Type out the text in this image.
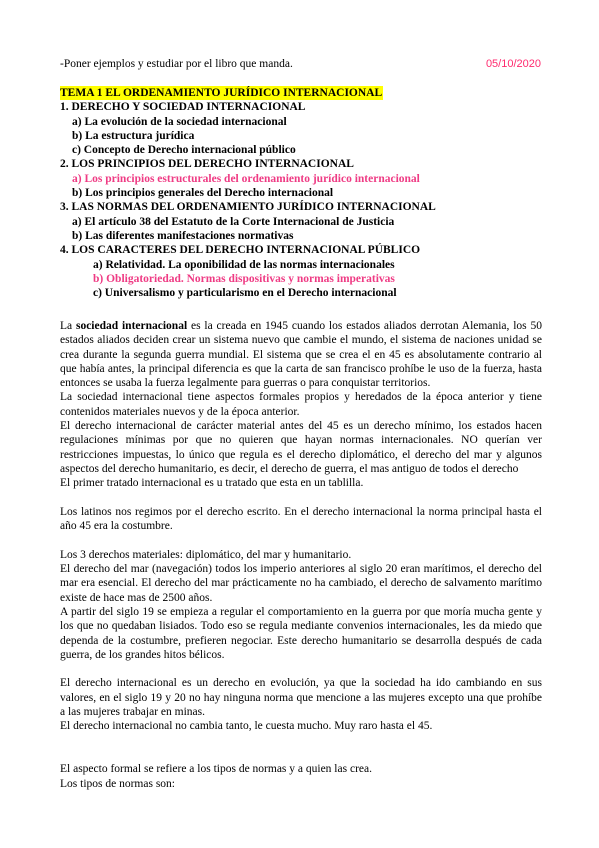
-Poner ejemplos y estudiar por el libro que manda.	05/10/2020
TEMA 1 EL ORDENAMIENTO JURÍDICO INTERNACIONAL
1. DERECHO Y SOCIEDAD INTERNACIONAL
a) La evolución de la sociedad internacional
b) La estructura jurídica
c) Concepto de Derecho internacional público
2. LOS PRINCIPIOS DEL DERECHO INTERNACIONAL
a) Los principios estructurales del ordenamiento jurídico internacional
b) Los principios generales del Derecho internacional
3. LAS NORMAS DEL ORDENAMIENTO JURÍDICO INTERNACIONAL
a) El artículo 38 del Estatuto de la Corte Internacional de Justicia
b) Las diferentes manifestaciones normativas
4. LOS CARACTERES DEL DERECHO INTERNACIONAL PÚBLICO
a) Relatividad. La oponibilidad de las normas internacionales
b) Obligatoriedad. Normas dispositivas y normas imperativas
c) Universalismo y particularismo en el Derecho internacional

La sociedad internacional es la creada en 1945 cuando los estados aliados derrotan Alemania, los 50 estados aliados deciden crear un sistema nuevo que cambie el mundo, el sistema de naciones unidad se crea durante la segunda guerra mundial. El sistema que se crea el en 45 es absolutamente contrario al que había antes, la principal diferencia es que la carta de san francisco prohíbe le uso de la fuerza, hasta entonces se usaba la fuerza legalmente para guerras o para conquistar territorios.

La sociedad internacional tiene aspectos formales propios y heredados de la época anterior y tiene contenidos materiales nuevos y de la época anterior.

El derecho internacional de carácter material antes del 45 es un derecho mínimo, los estados hacen regulaciones mínimas por que no quieren que hayan normas internacionales. NO querían ver restricciones impuestas, lo único que regula es el derecho diplomático, el derecho del mar y algunos aspectos del derecho humanitario, es decir, el derecho de guerra, el mas antiguo de todos el derecho

El primer tratado internacional es u tratado que esta en un tablilla.

Los latinos nos regimos por el derecho escrito. En el derecho internacional la norma principal hasta el año 45 era la costumbre.

Los 3 derechos materiales: diplomático, del mar y humanitario.

El derecho del mar (navegación) todos los imperio anteriores al siglo 20 eran marítimos, el derecho del mar era esencial. El derecho del mar prácticamente no ha cambiado, el derecho de salvamento marítimo existe de hace mas de 2500 años.

A partir del siglo 19 se empieza a regular el comportamiento en la guerra por que moría mucha gente y los que no quedaban lisiados. Todo eso se regula mediante convenios internacionales, les da miedo que dependa de la costumbre, prefieren negociar. Este derecho humanitario se desarrolla después de cada guerra, de los grandes hitos bélicos.

El derecho internacional es un derecho en evolución, ya que la sociedad ha ido cambiando en sus valores, en el siglo 19 y 20 no hay ninguna norma que mencione a las mujeres excepto una que prohíbe a las mujeres trabajar en minas.

El derecho internacional no cambia tanto, le cuesta mucho. Muy raro hasta el 45.

El aspecto formal se refiere a los tipos de normas y a quien las crea.

Los tipos de normas son:
